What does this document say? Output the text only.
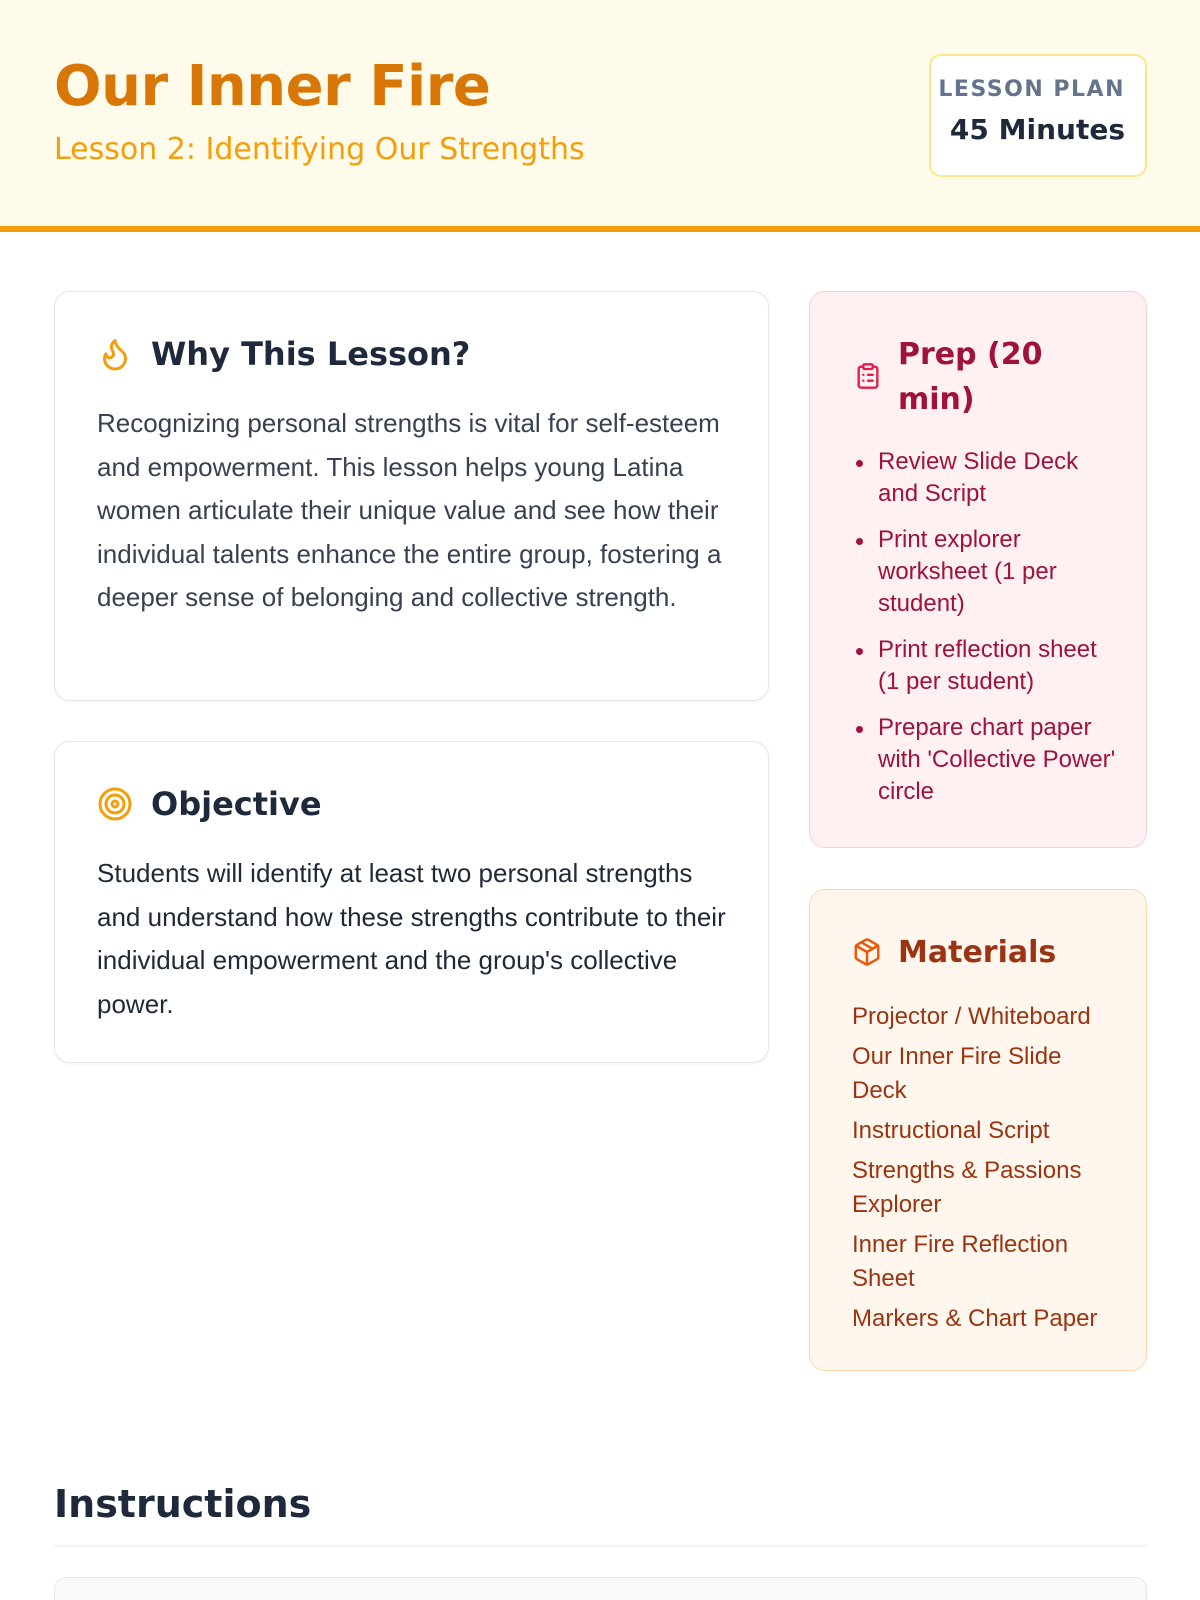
Our Inner Fire
Lesson 2: Identifying Our Strengths
LESSON PLAN
45 Minutes
Why This Lesson?

Recognizing personal strengths is vital for self-esteem and empowerment. This lesson helps young Latina women articulate their unique value and see how their individual talents enhance the entire group, fostering a deeper sense of belonging and collective strength.

Objective

Students will identify at least two personal strengths and understand how these strengths contribute to their individual empowerment and the group's collective power.

Prep (20 min)
Review Slide Deck and Script
Print explorer worksheet (1 per student)
Print reflection sheet (1 per student)
Prepare chart paper with 'Collective Power' circle
Materials
Projector / Whiteboard
Our Inner Fire Slide Deck
Instructional Script
Strengths & Passions Explorer
Inner Fire Reflection Sheet
Markers & Chart Paper
Instructions
